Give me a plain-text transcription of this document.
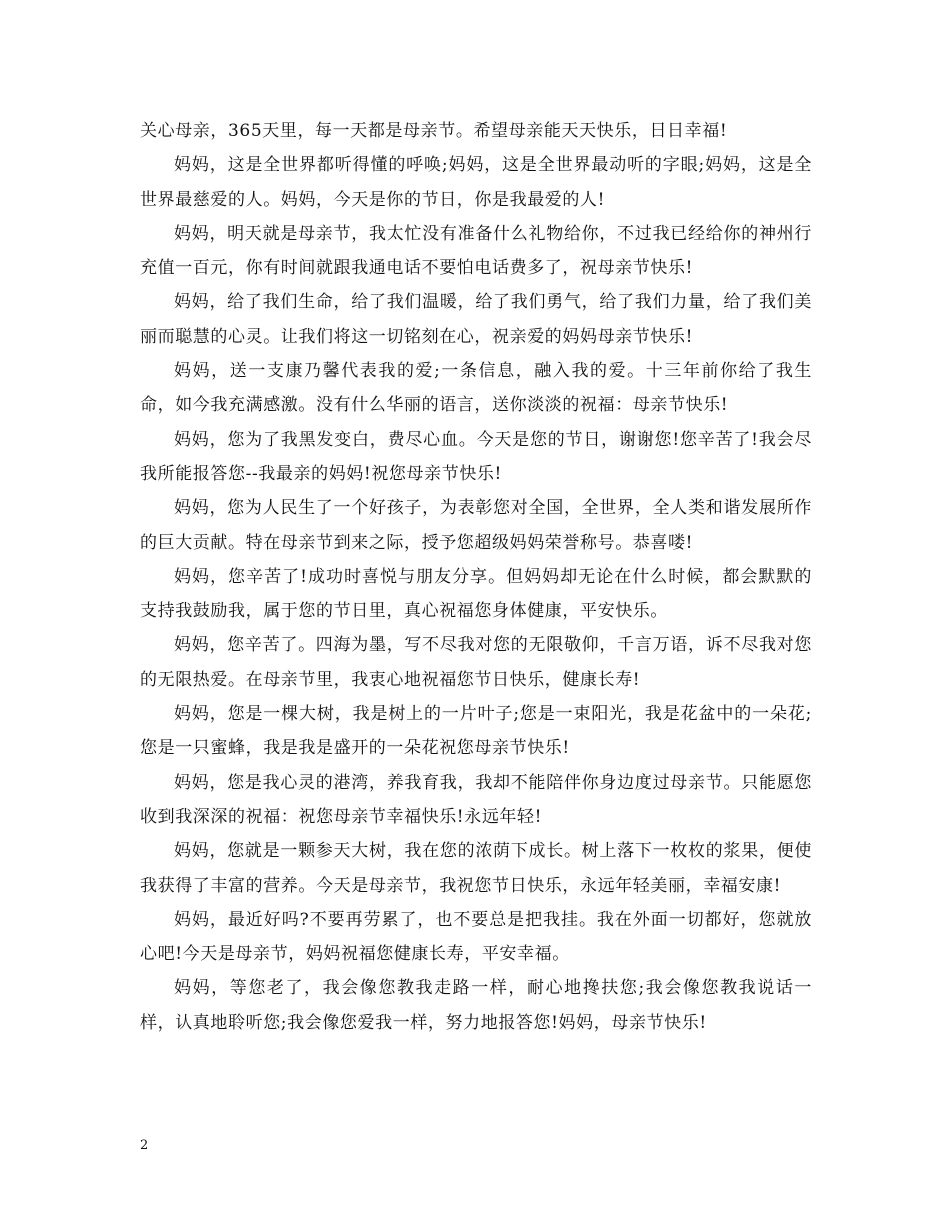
关心母亲，365天里，每一天都是母亲节。希望母亲能天天快乐，日日幸福!

妈妈，这是全世界都听得懂的呼唤;妈妈，这是全世界最动听的字眼;妈妈，这是全世界最慈爱的人。妈妈，今天是你的节日，你是我最爱的人!

妈妈，明天就是母亲节，我太忙没有准备什么礼物给你，不过我已经给你的神州行充值一百元，你有时间就跟我通电话不要怕电话费多了，祝母亲节快乐!

妈妈，给了我们生命，给了我们温暖，给了我们勇气，给了我们力量，给了我们美丽而聪慧的心灵。让我们将这一切铭刻在心，祝亲爱的妈妈母亲节快乐!

妈妈，送一支康乃馨代表我的爱;一条信息，融入我的爱。十三年前你给了我生命，如今我充满感激。没有什么华丽的语言，送你淡淡的祝福：母亲节快乐!

妈妈，您为了我黑发变白，费尽心血。今天是您的节日，谢谢您!您辛苦了!我会尽我所能报答您--我最亲的妈妈!祝您母亲节快乐!

妈妈，您为人民生了一个好孩子，为表彰您对全国，全世界，全人类和谐发展所作的巨大贡献。特在母亲节到来之际，授予您超级妈妈荣誉称号。恭喜喽!

妈妈，您辛苦了!成功时喜悦与朋友分享。但妈妈却无论在什么时候，都会默默的支持我鼓励我，属于您的节日里，真心祝福您身体健康，平安快乐。

妈妈，您辛苦了。四海为墨，写不尽我对您的无限敬仰，千言万语，诉不尽我对您的无限热爱。在母亲节里，我衷心地祝福您节日快乐，健康长寿!

妈妈，您是一棵大树，我是树上的一片叶子;您是一束阳光，我是花盆中的一朵花;您是一只蜜蜂，我是我是盛开的一朵花祝您母亲节快乐!

妈妈，您是我心灵的港湾，养我育我，我却不能陪伴你身边度过母亲节。只能愿您收到我深深的祝福：祝您母亲节幸福快乐!永远年轻!

妈妈，您就是一颗参天大树，我在您的浓荫下成长。树上落下一枚枚的浆果，便使我获得了丰富的营养。今天是母亲节，我祝您节日快乐，永远年轻美丽，幸福安康!

妈妈，最近好吗?不要再劳累了，也不要总是把我挂。我在外面一切都好，您就放心吧!今天是母亲节，妈妈祝福您健康长寿，平安幸福。

妈妈，等您老了，我会像您教我走路一样，耐心地搀扶您;我会像您教我说话一样，认真地聆听您;我会像您爱我一样，努力地报答您!妈妈，母亲节快乐!

2
